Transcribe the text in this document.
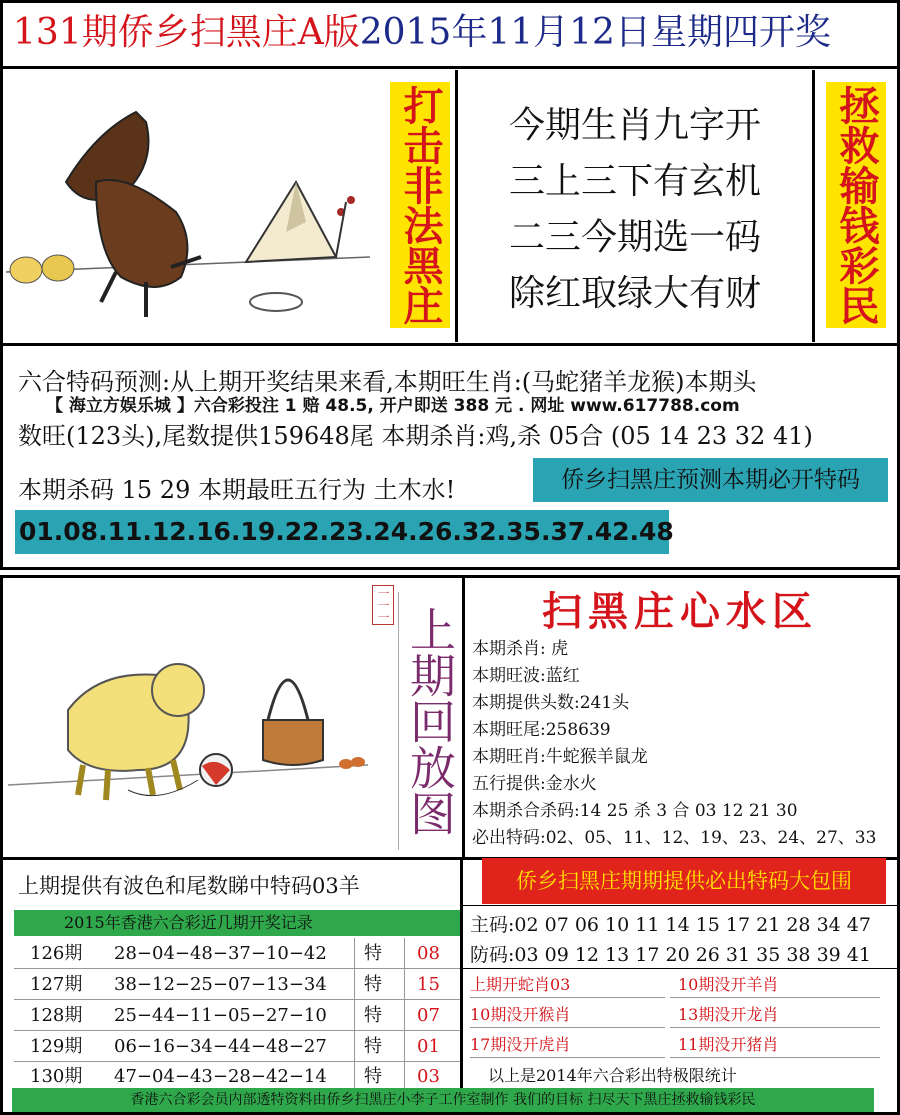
131期侨乡扫黑庄A版2015年11月12日星期四开奖
打击非法黑庄	今期生肖九字开
三上三下有玄机
二三今期选一码
除红取绿大有财	拯救输钱彩民
六合特码预测:从上期开奖结果来看,本期旺生肖:(马蛇猪羊龙猴)本期头
【 海立方娱乐城 】六合彩投注 1 赔 48.5, 开户即送 388 元 . 网址 www.617788.com
数旺(123头),尾数提供159648尾 本期杀肖:鸡,杀 05合 (05 14 23 32 41)
本期杀码 15 29 本期最旺五行为 土木水!	侨乡扫黑庄预测本期必开特码
01.08.11.12.16.19.22.23.24.26.32.35.37.42.48
一一一
上期回放图	扫黑庄心水区
本期杀肖: 虎
本期旺波:蓝红
本期提供头数:241头
本期旺尾:258639
本期旺肖:牛蛇猴羊鼠龙
五行提供:金水火
本期杀合杀码:14 25 杀 3 合 03 12 21 30
必出特码:02、05、11、12、19、23、24、27、33
上期提供有波色和尾数睇中特码03羊	侨乡扫黑庄期期提供必出特码大包围
2015年香港六合彩近几期开奖记录
126期 28−04−48−37−10−42 特 08
127期 38−12−25−07−13−34 特 15
128期 25−44−11−05−27−10 特 07
129期 06−16−34−44−48−27 特 01
130期 47−04−43−28−42−14 特 03
主码:02 07 06 10 11 14 15 17 21 28 34 47
防码:03 09 12 13 17 20 26 31 35 38 39 41
上期开蛇肖03	10期没开羊肖
10期没开猴肖	13期没开龙肖
17期没开虎肖	11期没开猪肖
以上是2014年六合彩出特极限统计
香港六合彩会员内部透特资料由侨乡扫黑庄小李子工作室制作 我们的目标 扫尽天下黑庄拯救输钱彩民
